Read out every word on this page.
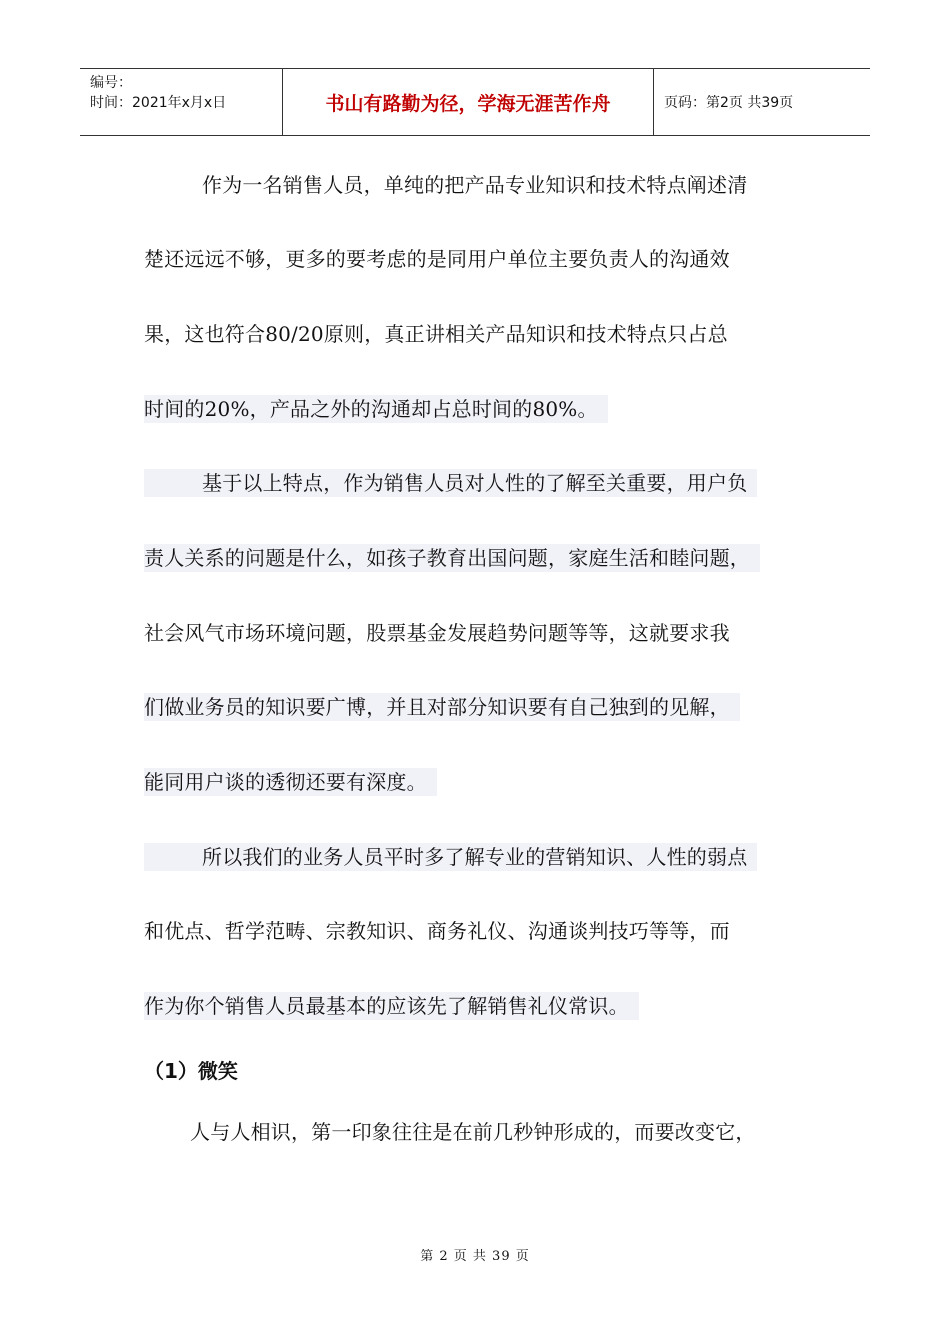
编号：
时间：2021年x月x日	书山有路勤为径，学海无涯苦作舟	页码：第2页 共39页
作为一名销售人员，单纯的把产品专业知识和技术特点阐述清
楚还远远不够，更多的要考虑的是同用户单位主要负责人的沟通效
果，这也符合80/20原则，真正讲相关产品知识和技术特点只占总
时间的20%，产品之外的沟通却占总时间的80%。
基于以上特点，作为销售人员对人性的了解至关重要，用户负
责人关系的问题是什么，如孩子教育出国问题，家庭生活和睦问题，
社会风气市场环境问题，股票基金发展趋势问题等等，这就要求我
们做业务员的知识要广博，并且对部分知识要有自己独到的见解，
能同用户谈的透彻还要有深度。
所以我们的业务人员平时多了解专业的营销知识、人性的弱点
和优点、哲学范畴、宗教知识、商务礼仪、沟通谈判技巧等等，而
作为你个销售人员最基本的应该先了解销售礼仪常识。
（1）微笑
人与人相识，第一印象往往是在前几秒钟形成的，而要改变它，
第 2 页 共 39 页
